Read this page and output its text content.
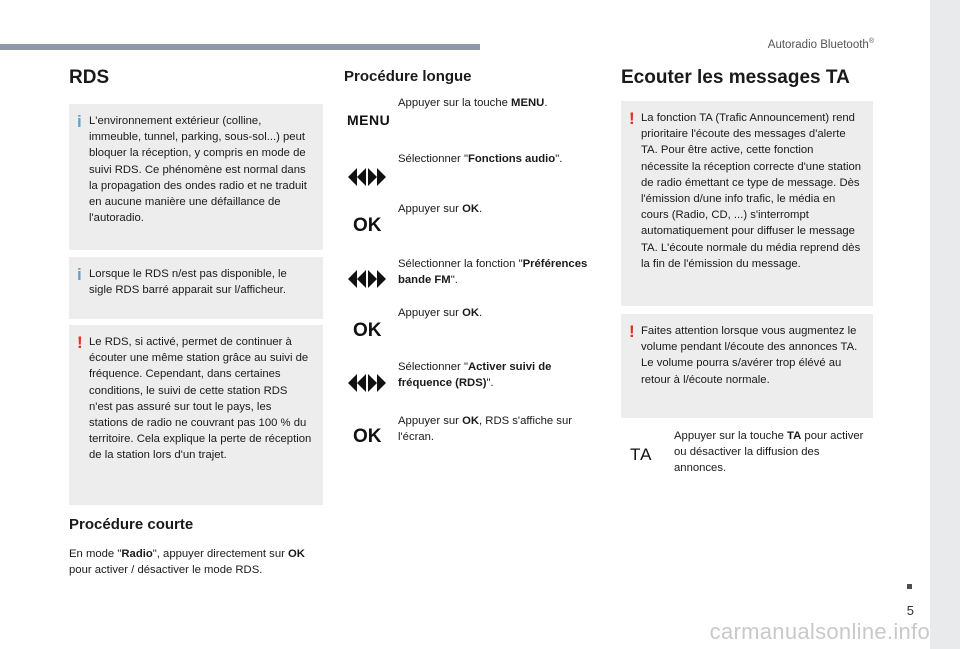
Autoradio Bluetooth®
5
carmanualsonline.info
RDS
i L'environnement extérieur (colline, immeuble, tunnel, parking, sous-sol...) peut bloquer la réception, y compris en mode de suivi RDS. Ce phénomène est normal dans la propagation des ondes radio et ne traduit en aucune manière une défaillance de l'autoradio.

i Lorsque le RDS n/est pas disponible, le sigle RDS barré apparait sur l/afficheur.

! Le RDS, si activé, permet de continuer à écouter une même station grâce au suivi de fréquence. Cependant, dans certaines conditions, le suivi de cette station RDS n'est pas assuré sur tout le pays, les stations de radio ne couvrant pas 100 % du territoire. Cela explique la perte de réception de la station lors d'un trajet.

Procédure courte
En mode "Radio", appuyer directement sur OK pour activer / désactiver le mode RDS.
Procédure longue
MENU
Appuyer sur la touche MENU.
Sélectionner "Fonctions audio".
OK
Appuyer sur OK.
Sélectionner la fonction "Préférences bande FM".
OK
Appuyer sur OK.
Sélectionner "Activer suivi de fréquence (RDS)".
OK
Appuyer sur OK, RDS s'affiche sur l'écran.
Ecouter les messages TA
! La fonction TA (Trafic Announcement) rend prioritaire l'écoute des messages d'alerte TA. Pour être active, cette fonction nécessite la réception correcte d'une station de radio émettant ce type de message. Dès l'émission d/une info trafic, le média en cours (Radio, CD, ...) s'interrompt automatiquement pour diffuser le message TA. L'écoute normale du média reprend dès la fin de l'émission du message.

! Faites attention lorsque vous augmentez le volume pendant l/écoute des annonces TA. Le volume pourra s/avérer trop élévé au retour à l/écoute normale.

TA
Appuyer sur la touche TA pour activer ou désactiver la diffusion des annonces.
